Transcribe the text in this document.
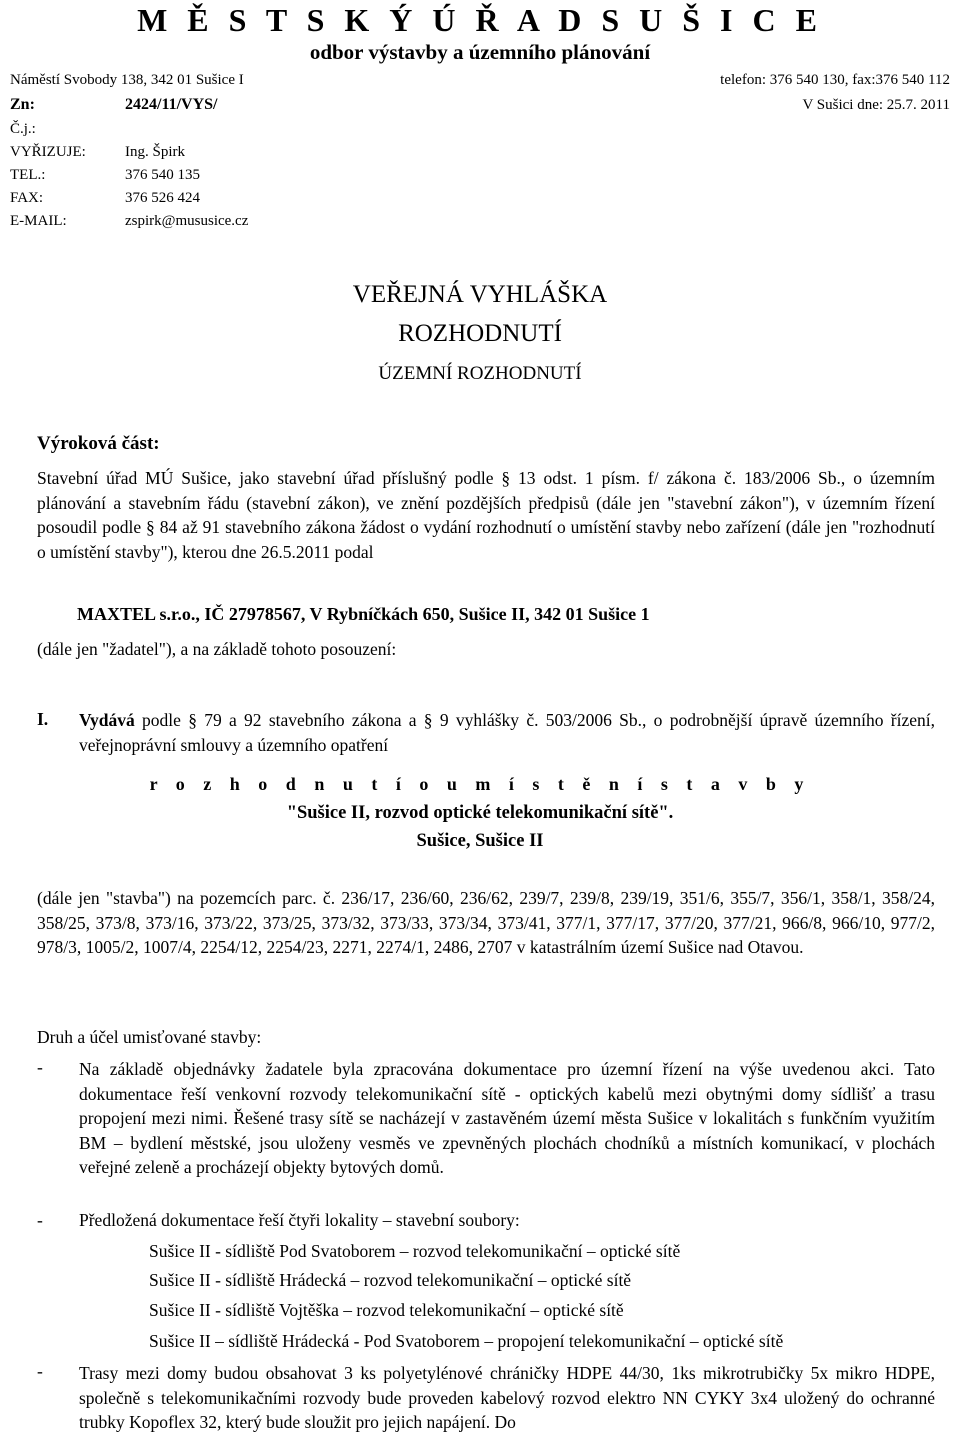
M Ě S T S K Ý Ú Ř A D S U Š I C E
odbor výstavby a územního plánování
Náměstí Svobody 138, 342 01 Sušice I	telefon: 376 540 130, fax:376 540 112
Zn:	2424/11/VYS/	V Sušici dne: 25.7. 2011
Č.j.:
VYŘIZUJE:	Ing. Špirk
TEL.:	376 540 135
FAX:	376 526 424
E-MAIL:	zspirk@mususice.cz
VEŘEJNÁ VYHLÁŠKA
ROZHODNUTÍ
ÚZEMNÍ ROZHODNUTÍ
Výroková část:
Stavební úřad MÚ Sušice, jako stavební úřad příslušný podle § 13 odst. 1 písm. f/ zákona č. 183/2006 Sb., o územním plánování a stavebním řádu (stavební zákon), ve znění pozdějších předpisů (dále jen "stavební zákon"), v územním řízení posoudil podle § 84 až 91 stavebního zákona žádost o vydání rozhodnutí o umístění stavby nebo zařízení (dále jen "rozhodnutí o umístění stavby"), kterou dne 26.5.2011 podal
MAXTEL s.r.o., IČ 27978567, V Rybníčkách 650, Sušice II, 342 01 Sušice 1
(dále jen "žadatel"), a na základě tohoto posouzení:
I. Vydává podle § 79 a 92 stavebního zákona a § 9 vyhlášky č. 503/2006 Sb., o podrobnější úpravě územního řízení, veřejnoprávní smlouvy a územního opatření
r o z h o d n u t í o u m í s t ě n í s t a v b y
"Sušice II, rozvod optické telekomunikační sítě".
Sušice, Sušice II
(dále jen "stavba") na pozemcích parc. č. 236/17, 236/60, 236/62, 239/7, 239/8, 239/19, 351/6, 355/7, 356/1, 358/1, 358/24, 358/25, 373/8, 373/16, 373/22, 373/25, 373/32, 373/33, 373/34, 373/41, 377/1, 377/17, 377/20, 377/21, 966/8, 966/10, 977/2, 978/3, 1005/2, 1007/4, 2254/12, 2254/23, 2271, 2274/1, 2486, 2707 v katastrálním území Sušice nad Otavou.
Druh a účel umisťované stavby:
- Na základě objednávky žadatele byla zpracována dokumentace pro územní řízení na výše uvedenou akci. Tato dokumentace řeší venkovní rozvody telekomunikační sítě - optických kabelů mezi obytnými domy sídlišť a trasu propojení mezi nimi. Řešené trasy sítě se nacházejí v zastavěném území města Sušice v lokalitách s funkčním využitím BM – bydlení městské, jsou uloženy vesměs ve zpevněných plochách chodníků a místních komunikací, v plochách veřejné zeleně a procházejí objekty bytových domů.
- Předložená dokumentace řeší čtyři lokality – stavební soubory:
Sušice II - sídliště Pod Svatoborem – rozvod telekomunikační – optické sítě
Sušice II - sídliště Hrádecká – rozvod telekomunikační – optické sítě
Sušice II - sídliště Vojtěška – rozvod telekomunikační – optické sítě
Sušice II – sídliště Hrádecká - Pod Svatoborem – propojení telekomunikační – optické sítě
- Trasy mezi domy budou obsahovat 3 ks polyetylénové chráničky HDPE 44/30, 1ks mikrotrubičky 5x mikro HDPE, společně s telekomunikačními rozvody bude proveden kabelový rozvod elektro NN CYKY 3x4 uložený do ochranné trubky Kopoflex 32, který bude sloužit pro jejich napájení. Do
